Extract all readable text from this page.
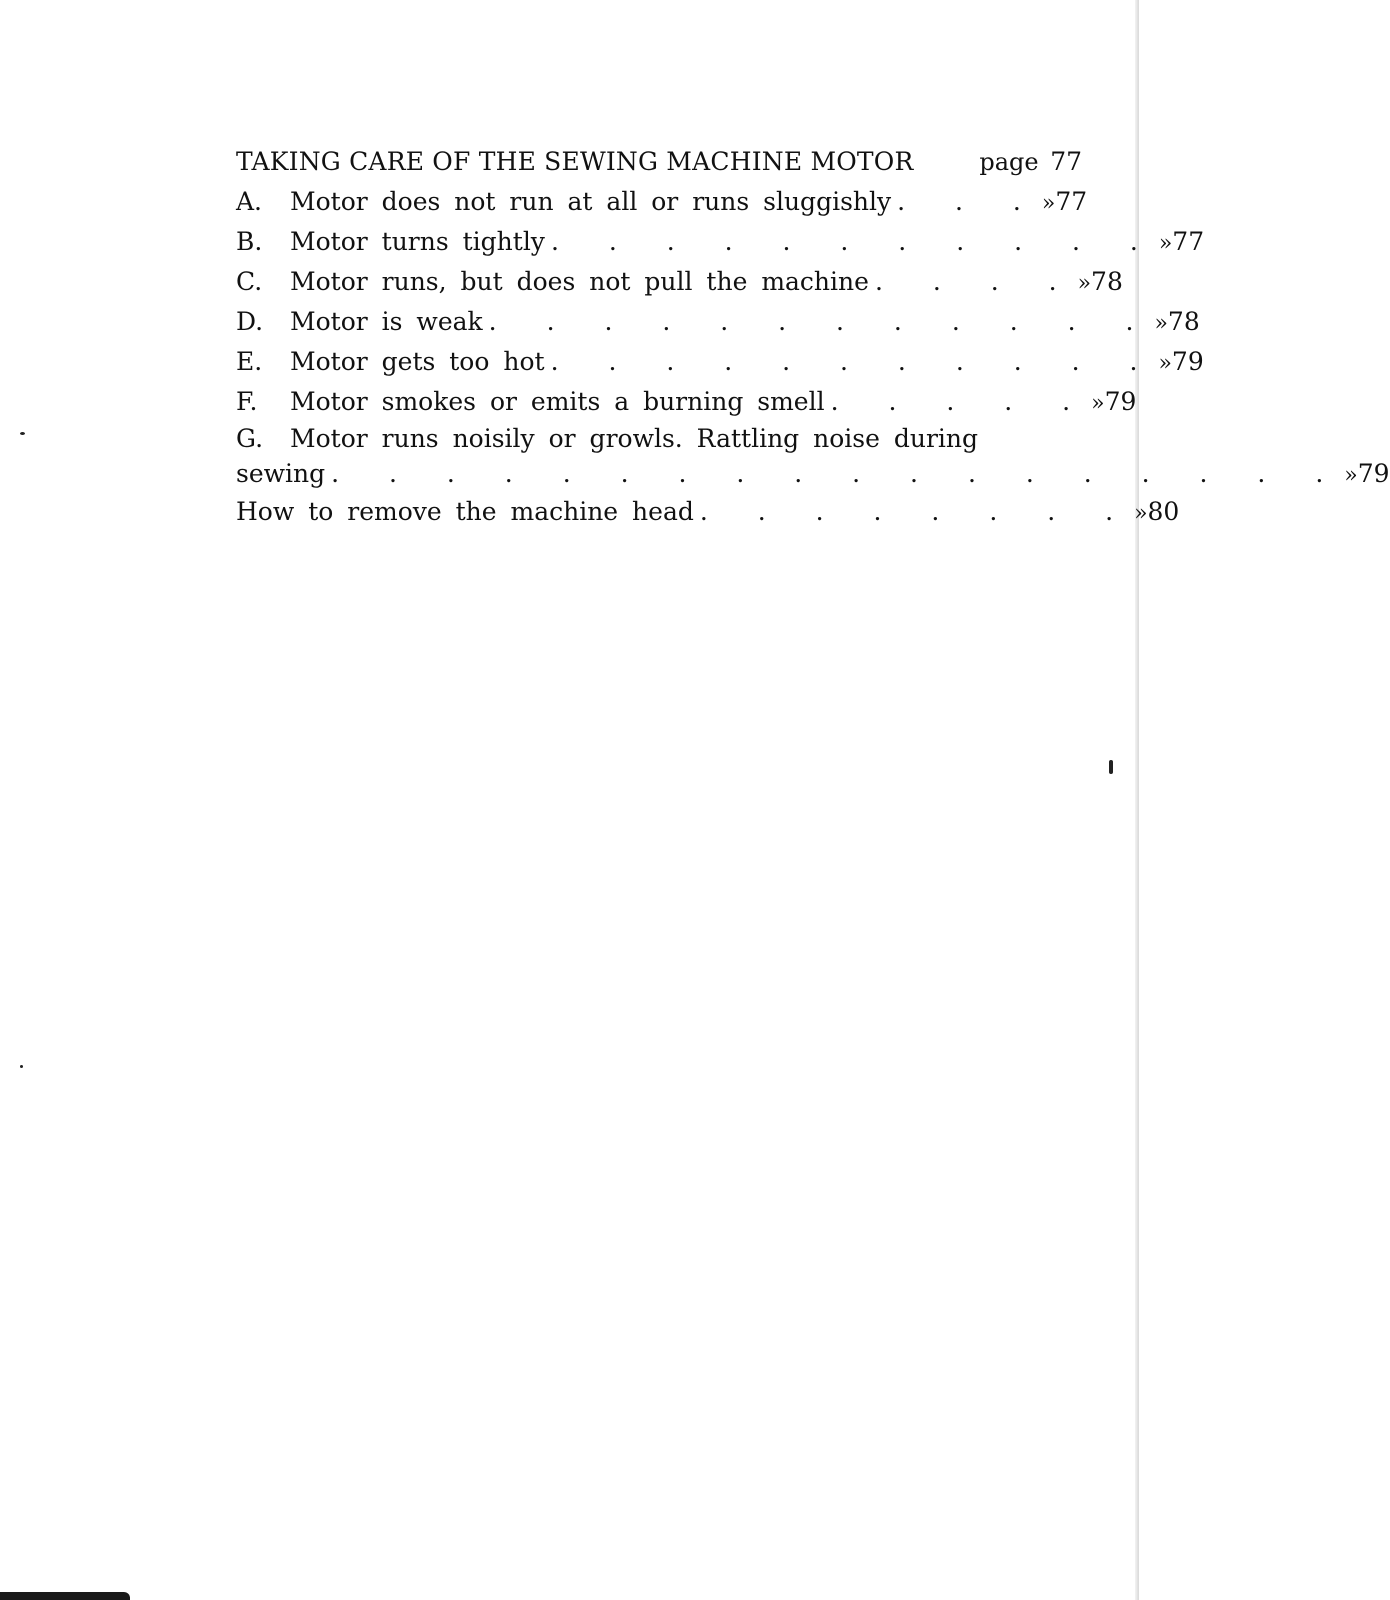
TAKING CARE OF THE SEWING MACHINE MOTOR	page 77
A.	Motor does not run at all or runs sluggishly . . . » 77
B.	Motor turns tightly . . . . . . . . . . . » 77
C.	Motor runs, but does not pull the machine . . . . » 78
D.	Motor is weak . . . . . . . . . . . . » 78
E.	Motor gets too hot . . . . . . . . . . . » 79
F.	Motor smokes or emits a burning smell . . . . . » 79
G.	Motor runs noisily or growls. Rattling noise during
sewing . . . . . . . . . . . . . . . . . . » 79
How to remove the machine head . . . . . . . . » 80
